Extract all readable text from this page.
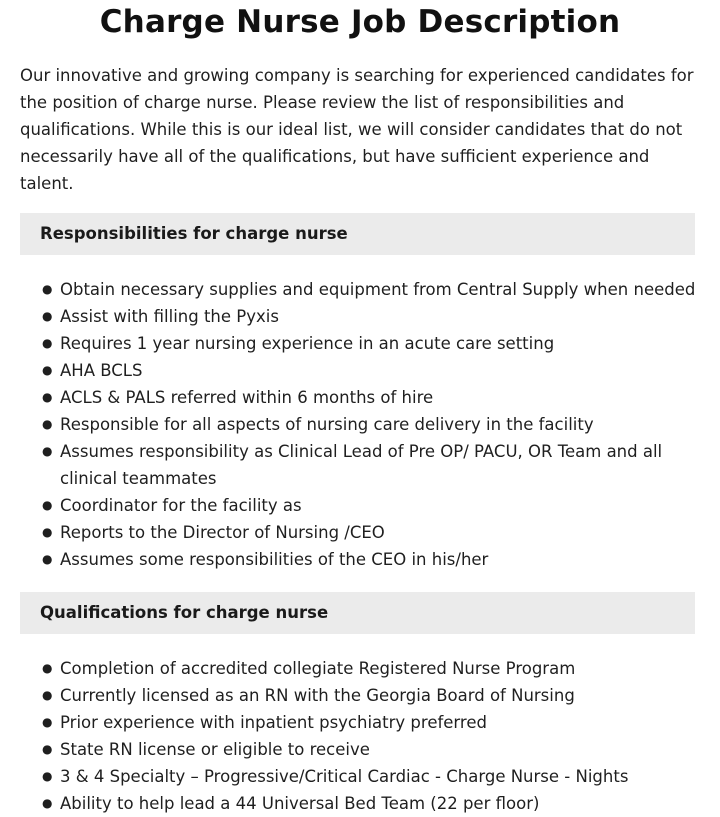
Charge Nurse Job Description

Our innovative and growing company is searching for experienced candidates for the position of charge nurse. Please review the list of responsibilities and qualifications. While this is our ideal list, we will consider candidates that do not necessarily have all of the qualifications, but have sufficient experience and talent.

Responsibilities for charge nurse
● Obtain necessary supplies and equipment from Central Supply when needed
● Assist with filling the Pyxis
● Requires 1 year nursing experience in an acute care setting
● AHA BCLS
● ACLS & PALS referred within 6 months of hire
● Responsible for all aspects of nursing care delivery in the facility
● Assumes responsibility as Clinical Lead of Pre OP/ PACU, OR Team and all clinical teammates
● Coordinator for the facility as
● Reports to the Director of Nursing /CEO
● Assumes some responsibilities of the CEO in his/her
Qualifications for charge nurse
● Completion of accredited collegiate Registered Nurse Program
● Currently licensed as an RN with the Georgia Board of Nursing
● Prior experience with inpatient psychiatry preferred
● State RN license or eligible to receive
● 3 & 4 Specialty – Progressive/Critical Cardiac - Charge Nurse - Nights
● Ability to help lead a 44 Universal Bed Team (22 per floor)
